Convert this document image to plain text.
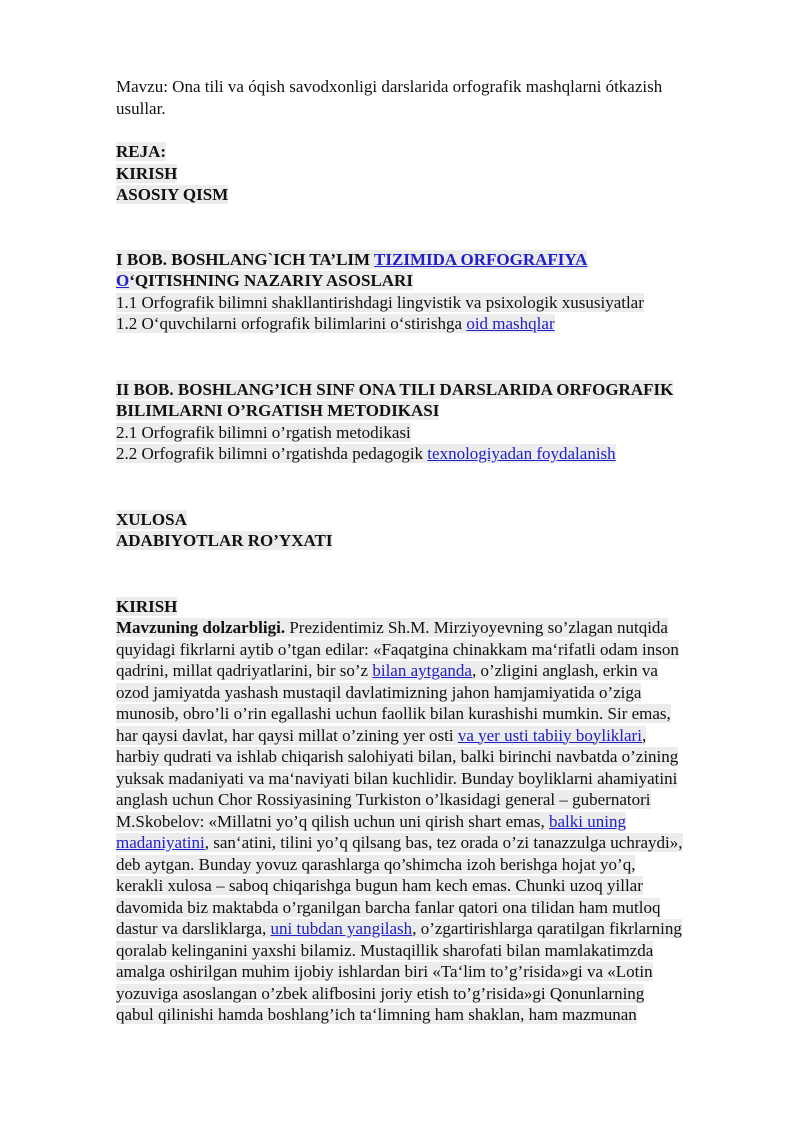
Mavzu: Ona tili va óqish savodxonligi darslarida orfografik mashqlarni ótkazish
usullar.
REJA:
KIRISH
ASOSIY QISM
I BOB. BOSHLANG`ICH TA’LIM TIZIMIDA ORFOGRAFIYA
O‘QITISHNING NAZARIY ASOSLARI
1.1 Orfografik bilimni shakllantirishdagi lingvistik va psixologik xususiyatlar
1.2 O‘quvchilarni orfografik bilimlarini o‘stirishga oid mashqlar
II BOB. BOSHLANG’ICH SINF ONA TILI DARSLARIDA ORFOGRAFIK
BILIMLARNI O’RGATISH METODIKASI
2.1 Orfografik bilimni o’rgatish metodikasi
2.2 Orfografik bilimni o’rgatishda pedagogik texnologiyadan foydalanish
XULOSA
ADABIYOTLAR RO’YXATI
KIRISH
Mavzuning dolzarbligi. Prezidentimiz Sh.M. Mirziyoyevning so’zlagan nutqida
quyidagi fikrlarni aytib o’tgan edilar: «Faqatgina chinakkam ma‘rifatli odam inson
qadrini, millat qadriyatlarini, bir so’z bilan aytganda, o’zligini anglash, erkin va
ozod jamiyatda yashash mustaqil davlatimizning jahon hamjamiyatida o’ziga
munosib, obro’li o’rin egallashi uchun faollik bilan kurashishi mumkin. Sir emas,
har qaysi davlat, har qaysi millat o’zining yer osti va yer usti tabiiy boyliklari,
harbiy qudrati va ishlab chiqarish salohiyati bilan, balki birinchi navbatda o’zining
yuksak madaniyati va ma‘naviyati bilan kuchlidir. Bunday boyliklarni ahamiyatini
anglash uchun Chor Rossiyasining Turkiston o’lkasidagi general – gubernatori
M.Skobelov: «Millatni yo’q qilish uchun uni qirish shart emas, balki uning
madaniyatini, san‘atini, tilini yo’q qilsang bas, tez orada o’zi tanazzulga uchraydi»,
deb aytgan. Bunday yovuz qarashlarga qo’shimcha izoh berishga hojat yo’q,
kerakli xulosa – saboq chiqarishga bugun ham kech emas. Chunki uzoq yillar
davomida biz maktabda o’rganilgan barcha fanlar qatori ona tilidan ham mutloq
dastur va darsliklarga, uni tubdan yangilash, o’zgartirishlarga qaratilgan fikrlarning
qoralab kelinganini yaxshi bilamiz. Mustaqillik sharofati bilan mamlakatimzda
amalga oshirilgan muhim ijobiy ishlardan biri «Ta‘lim to’g’risida»gi va «Lotin
yozuviga asoslangan o’zbek alifbosini joriy etish to’g’risida»gi Qonunlarning
qabul qilinishi hamda boshlang’ich ta‘limning ham shaklan, ham mazmunan
